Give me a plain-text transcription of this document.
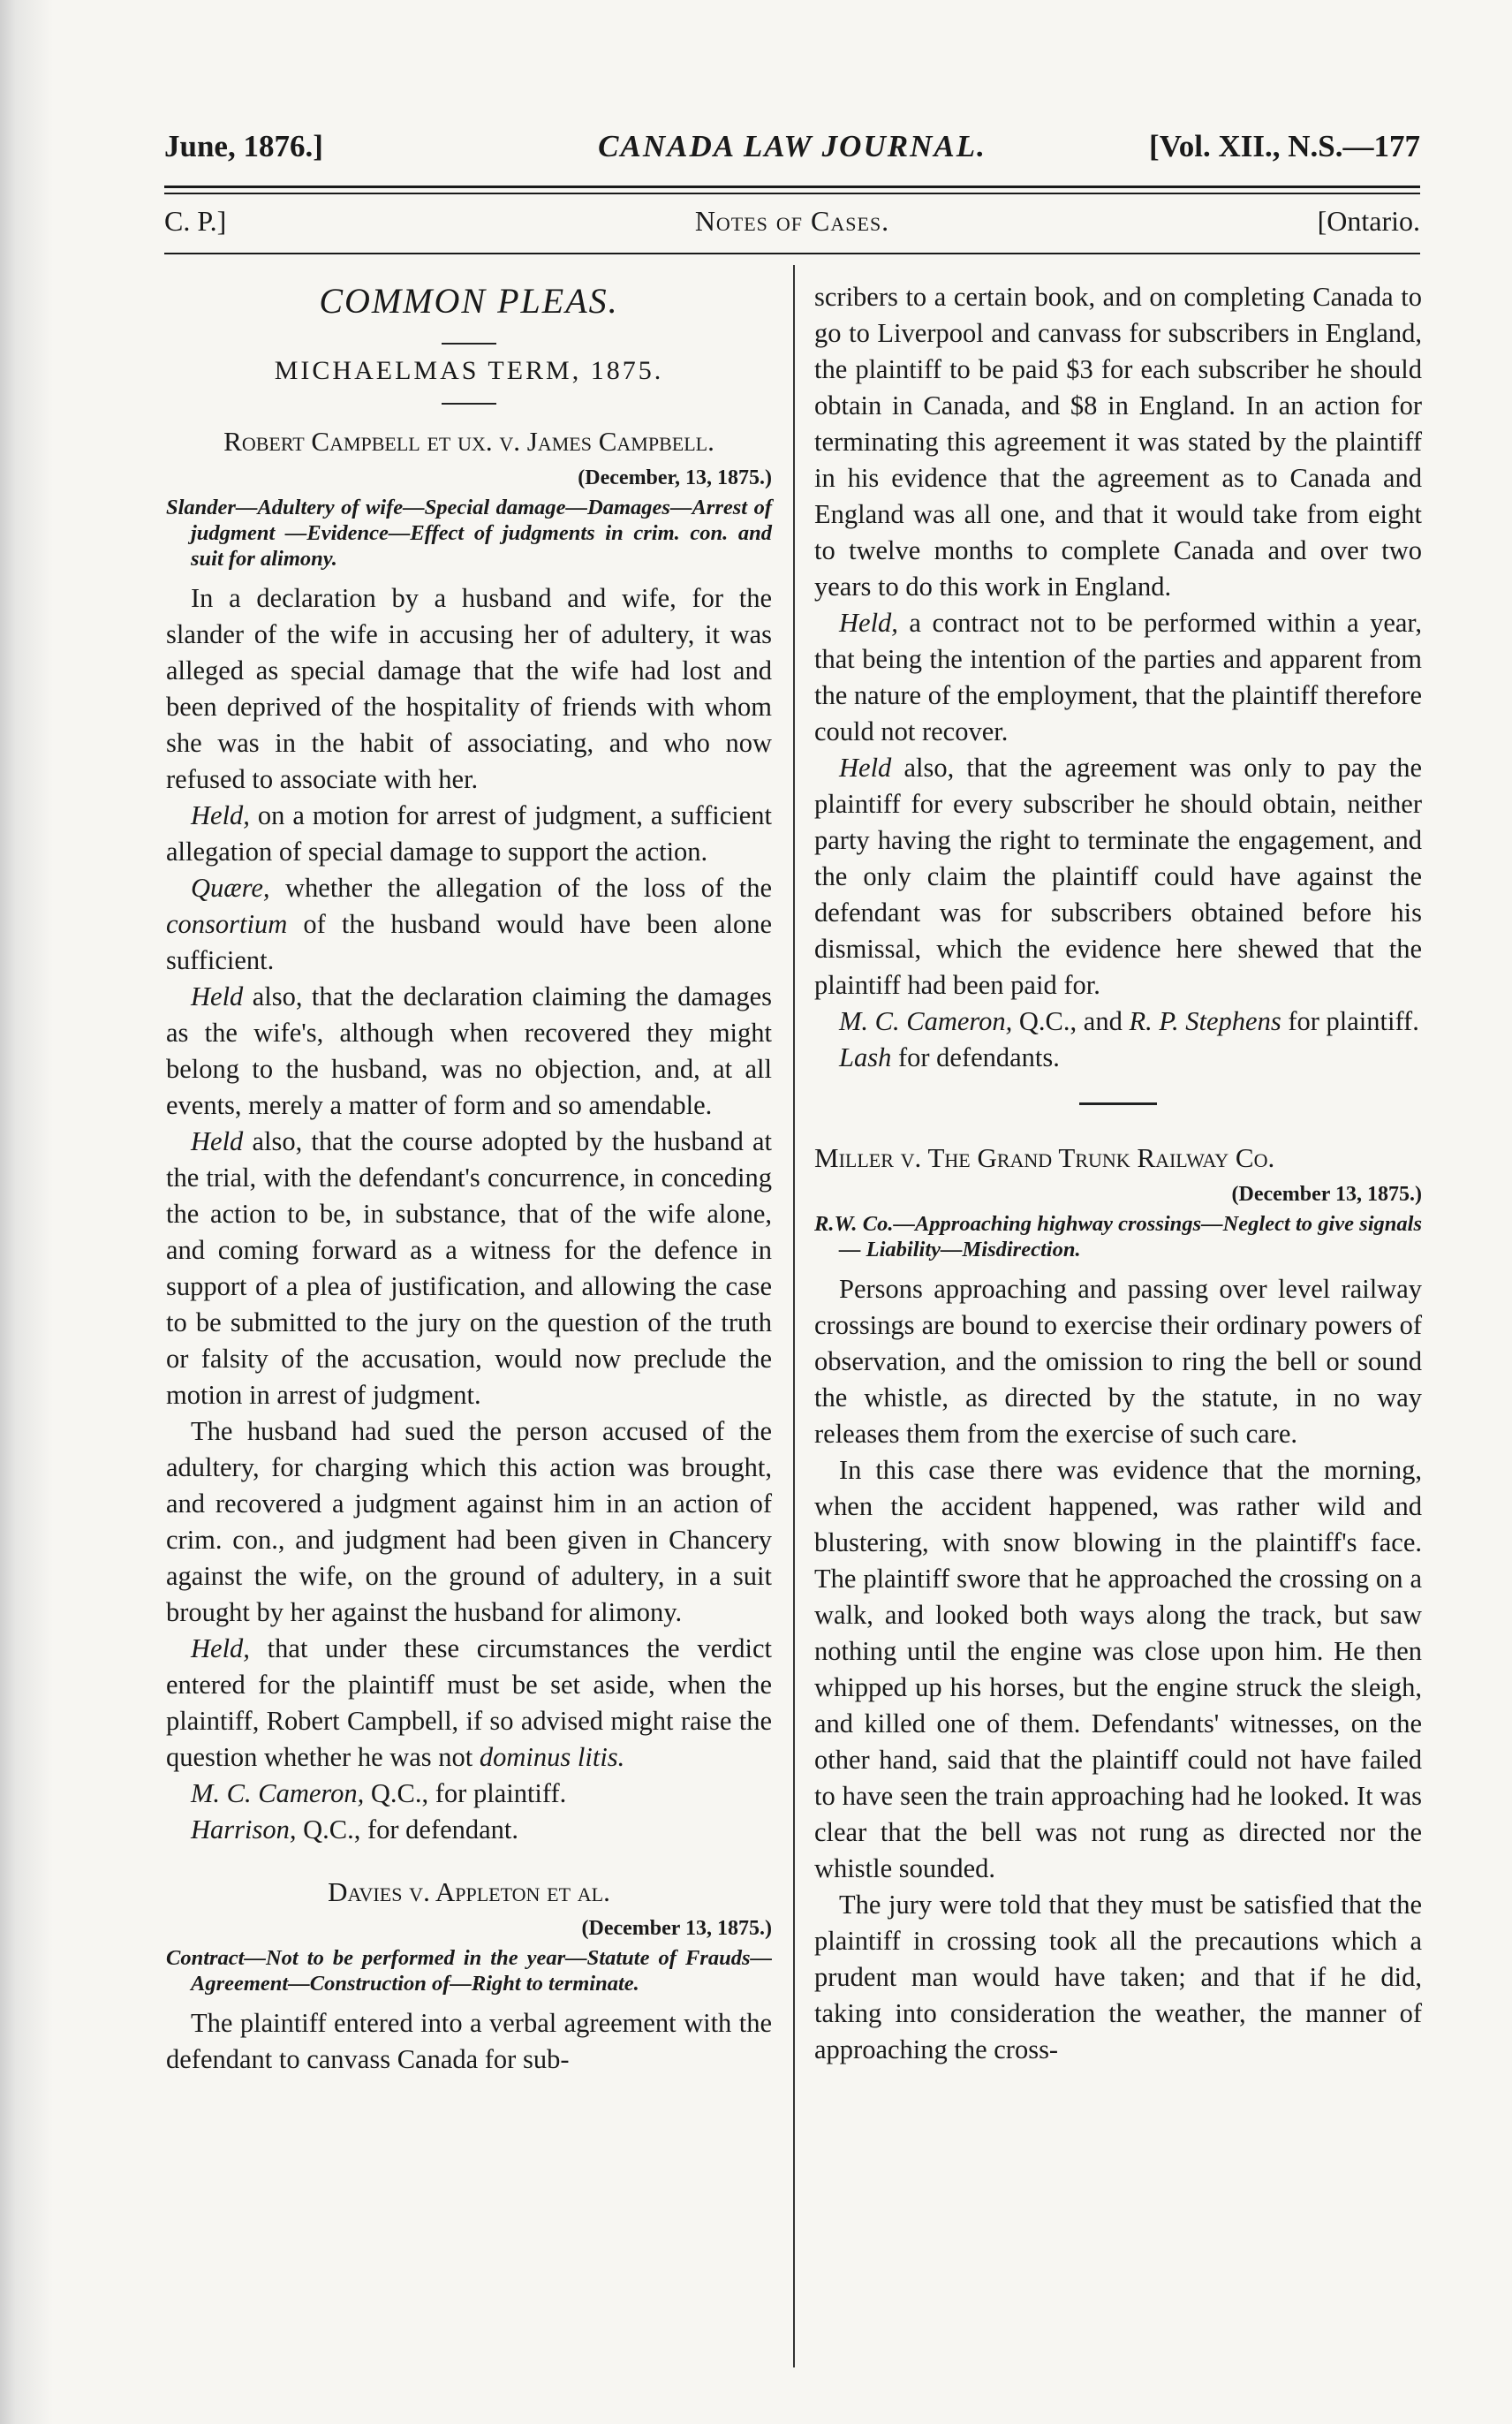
June, 1876.]	CANADA LAW JOURNAL.	[Vol. XII., N.S.—177
C. P.]	Notes of Cases.	[Ontario.
COMMON PLEAS.
MICHAELMAS TERM, 1875.
Robert Campbell et ux. v. James Campbell.
(December, 13, 1875.)
Slander—Adultery of wife—Special damage—Damages—Arrest of judgment —Evidence—Effect of judgments in crim. con. and suit for alimony.

In a declaration by a husband and wife, for the slander of the wife in accusing her of adultery, it was alleged as special damage that the wife had lost and been deprived of the hospitality of friends with whom she was in the habit of associating, and who now refused to associate with her.

Held, on a motion for arrest of judgment, a sufficient allegation of special damage to support the action.

Quære, whether the allegation of the loss of the consortium of the husband would have been alone sufficient.

Held also, that the declaration claiming the damages as the wife's, although when recovered they might belong to the husband, was no objection, and, at all events, merely a matter of form and so amendable.

Held also, that the course adopted by the husband at the trial, with the defendant's concurrence, in conceding the action to be, in substance, that of the wife alone, and coming forward as a witness for the defence in support of a plea of justification, and allowing the case to be submitted to the jury on the question of the truth or falsity of the accusation, would now preclude the motion in arrest of judgment.

The husband had sued the person accused of the adultery, for charging which this action was brought, and recovered a judgment against him in an action of crim. con., and judgment had been given in Chancery against the wife, on the ground of adultery, in a suit brought by her against the husband for alimony.

Held, that under these circumstances the verdict entered for the plaintiff must be set aside, when the plaintiff, Robert Campbell, if so advised might raise the question whether he was not dominus litis.

M. C. Cameron, Q.C., for plaintiff.

Harrison, Q.C., for defendant.

Davies v. Appleton et al.
(December 13, 1875.)
Contract—Not to be performed in the year—Statute of Frauds—Agreement—Construction of—Right to terminate.

The plaintiff entered into a verbal agreement with the defendant to canvass Canada for sub-

scribers to a certain book, and on completing Canada to go to Liverpool and canvass for subscribers in England, the plaintiff to be paid $3 for each subscriber he should obtain in Canada, and $8 in England. In an action for terminating this agreement it was stated by the plaintiff in his evidence that the agreement as to Canada and England was all one, and that it would take from eight to twelve months to complete Canada and over two years to do this work in England.

Held, a contract not to be performed within a year, that being the intention of the parties and apparent from the nature of the employment, that the plaintiff therefore could not recover.

Held also, that the agreement was only to pay the plaintiff for every subscriber he should obtain, neither party having the right to terminate the engagement, and the only claim the plaintiff could have against the defendant was for subscribers obtained before his dismissal, which the evidence here shewed that the plaintiff had been paid for.

M. C. Cameron, Q.C., and R. P. Stephens for plaintiff.

Lash for defendants.

Miller v. The Grand Trunk Railway Co.
(December 13, 1875.)
R.W. Co.—Approaching highway crossings—Neglect to give signals— Liability—Misdirection.

Persons approaching and passing over level railway crossings are bound to exercise their ordinary powers of observation, and the omission to ring the bell or sound the whistle, as directed by the statute, in no way releases them from the exercise of such care.

In this case there was evidence that the morning, when the accident happened, was rather wild and blustering, with snow blowing in the plaintiff's face. The plaintiff swore that he approached the crossing on a walk, and looked both ways along the track, but saw nothing until the engine was close upon him. He then whipped up his horses, but the engine struck the sleigh, and killed one of them. Defendants' witnesses, on the other hand, said that the plaintiff could not have failed to have seen the train approaching had he looked. It was clear that the bell was not rung as directed nor the whistle sounded.

The jury were told that they must be satisfied that the plaintiff in crossing took all the precautions which a prudent man would have taken; and that if he did, taking into consideration the weather, the manner of approaching the cross-
